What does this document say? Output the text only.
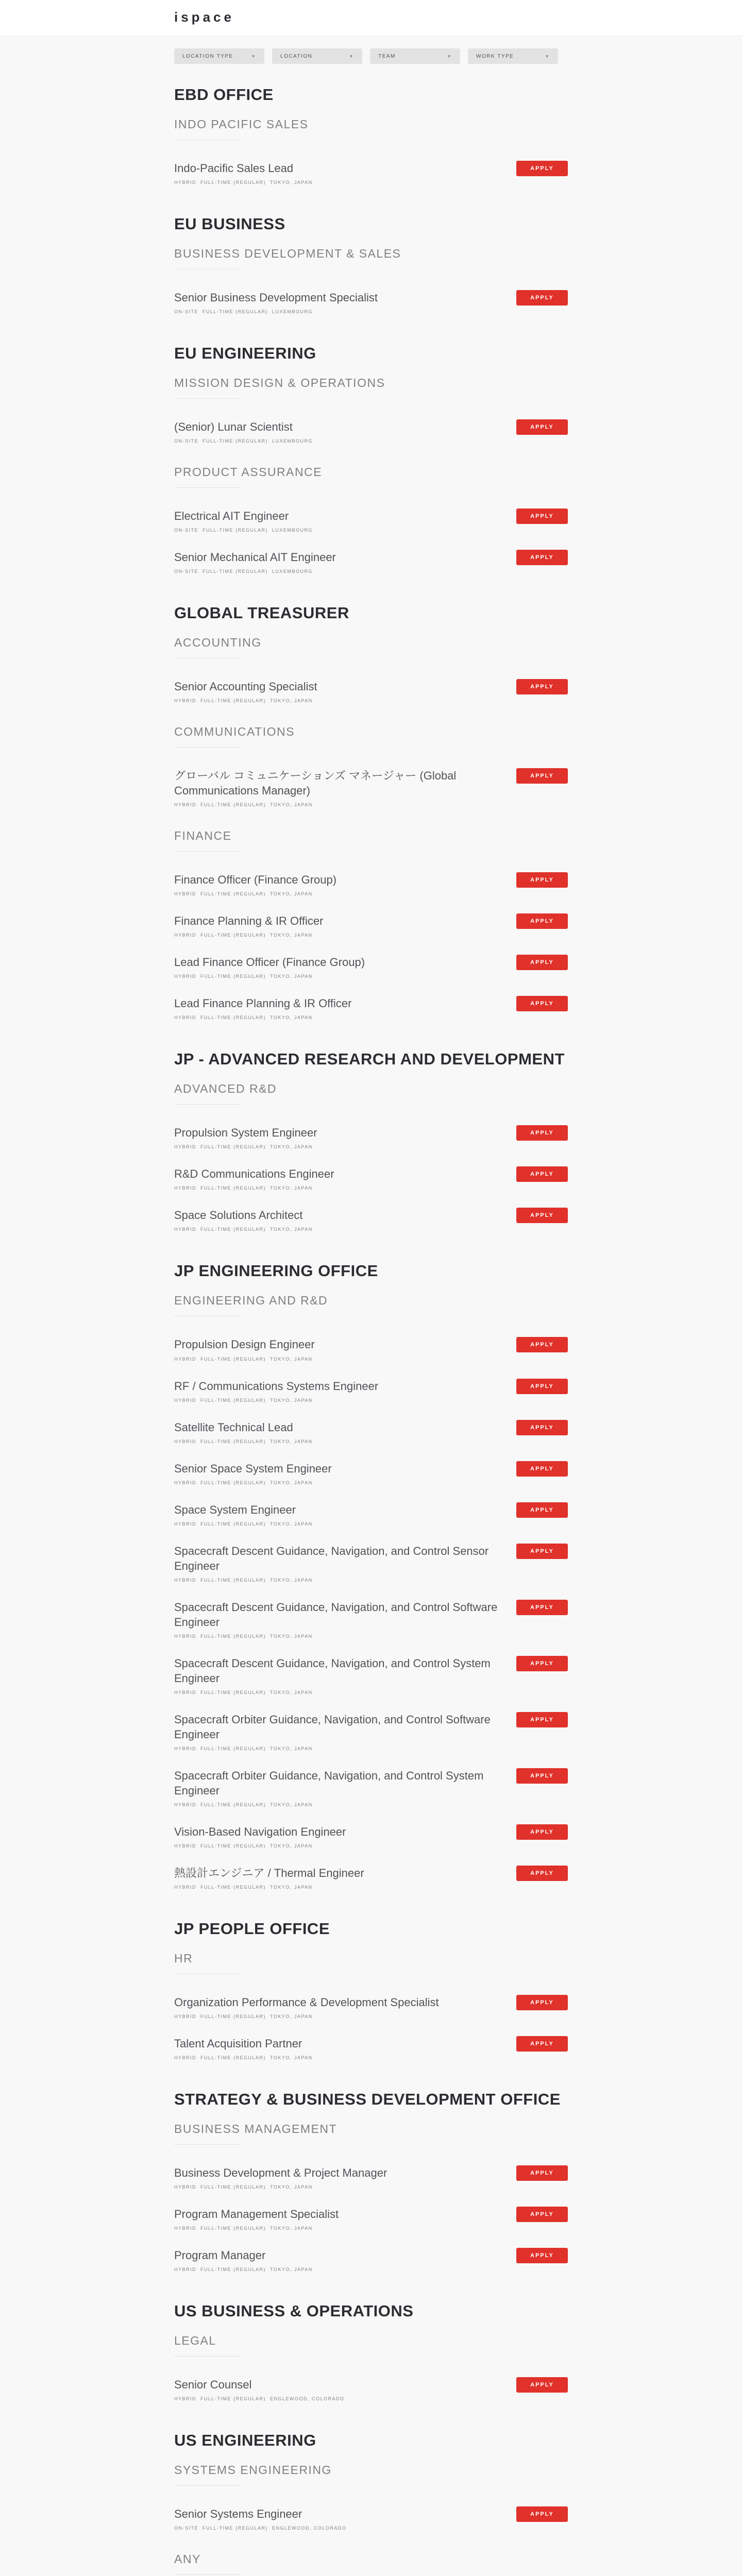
ispace
LOCATION TYPE	▼	LOCATION	▼	TEAM	▼	WORK TYPE	▼
EBD OFFICE
INDO PACIFIC SALES
Indo-Pacific Sales Lead
HYBRID FULL-TIME (REGULAR) TOKYO, JAPAN
APPLY
EU BUSINESS
BUSINESS DEVELOPMENT & SALES
Senior Business Development Specialist
ON-SITE FULL-TIME (REGULAR) LUXEMBOURG
APPLY
EU ENGINEERING
MISSION DESIGN & OPERATIONS
(Senior) Lunar Scientist
ON-SITE FULL-TIME (REGULAR) LUXEMBOURG
APPLY
PRODUCT ASSURANCE
Electrical AIT Engineer
ON-SITE FULL-TIME (REGULAR) LUXEMBOURG
APPLY
Senior Mechanical AIT Engineer
ON-SITE FULL-TIME (REGULAR) LUXEMBOURG
APPLY
GLOBAL TREASURER
ACCOUNTING
Senior Accounting Specialist
HYBRID FULL-TIME (REGULAR) TOKYO, JAPAN
APPLY
COMMUNICATIONS
グローバル コミュニケーションズ マネージャー (Global Communications Manager)
HYBRID FULL-TIME (REGULAR) TOKYO, JAPAN
APPLY
FINANCE
Finance Officer (Finance Group)
HYBRID FULL-TIME (REGULAR) TOKYO, JAPAN
APPLY
Finance Planning & IR Officer
HYBRID FULL-TIME (REGULAR) TOKYO, JAPAN
APPLY
Lead Finance Officer (Finance Group)
HYBRID FULL-TIME (REGULAR) TOKYO, JAPAN
APPLY
Lead Finance Planning & IR Officer
HYBRID FULL-TIME (REGULAR) TOKYO, JAPAN
APPLY
JP - ADVANCED RESEARCH AND DEVELOPMENT
ADVANCED R&D
Propulsion System Engineer
HYBRID FULL-TIME (REGULAR) TOKYO, JAPAN
APPLY
R&D Communications Engineer
HYBRID FULL-TIME (REGULAR) TOKYO, JAPAN
APPLY
Space Solutions Architect
HYBRID FULL-TIME (REGULAR) TOKYO, JAPAN
APPLY
JP ENGINEERING OFFICE
ENGINEERING AND R&D
Propulsion Design Engineer
HYBRID FULL-TIME (REGULAR) TOKYO, JAPAN
APPLY
RF / Communications Systems Engineer
HYBRID FULL-TIME (REGULAR) TOKYO, JAPAN
APPLY
Satellite Technical Lead
HYBRID FULL-TIME (REGULAR) TOKYO, JAPAN
APPLY
Senior Space System Engineer
HYBRID FULL-TIME (REGULAR) TOKYO, JAPAN
APPLY
Space System Engineer
HYBRID FULL-TIME (REGULAR) TOKYO, JAPAN
APPLY
Spacecraft Descent Guidance, Navigation, and Control Sensor Engineer
HYBRID FULL-TIME (REGULAR) TOKYO, JAPAN
APPLY
Spacecraft Descent Guidance, Navigation, and Control Software Engineer
HYBRID FULL-TIME (REGULAR) TOKYO, JAPAN
APPLY
Spacecraft Descent Guidance, Navigation, and Control System Engineer
HYBRID FULL-TIME (REGULAR) TOKYO, JAPAN
APPLY
Spacecraft Orbiter Guidance, Navigation, and Control Software Engineer
HYBRID FULL-TIME (REGULAR) TOKYO, JAPAN
APPLY
Spacecraft Orbiter Guidance, Navigation, and Control System Engineer
HYBRID FULL-TIME (REGULAR) TOKYO, JAPAN
APPLY
Vision-Based Navigation Engineer
HYBRID FULL-TIME (REGULAR) TOKYO, JAPAN
APPLY
熱設計エンジニア / Thermal Engineer
HYBRID FULL-TIME (REGULAR) TOKYO, JAPAN
APPLY
JP PEOPLE OFFICE
HR
Organization Performance & Development Specialist
HYBRID FULL-TIME (REGULAR) TOKYO, JAPAN
APPLY
Talent Acquisition Partner
HYBRID FULL-TIME (REGULAR) TOKYO, JAPAN
APPLY
STRATEGY & BUSINESS DEVELOPMENT OFFICE
BUSINESS MANAGEMENT
Business Development & Project Manager
HYBRID FULL-TIME (REGULAR) TOKYO, JAPAN
APPLY
Program Management Specialist
HYBRID FULL-TIME (REGULAR) TOKYO, JAPAN
APPLY
Program Manager
HYBRID FULL-TIME (REGULAR) TOKYO, JAPAN
APPLY
US BUSINESS & OPERATIONS
LEGAL
Senior Counsel
HYBRID FULL-TIME (REGULAR) ENGLEWOOD, COLORADO
APPLY
US ENGINEERING
SYSTEMS ENGINEERING
Senior Systems Engineer
ON-SITE FULL-TIME (REGULAR) ENGLEWOOD, COLORADO
APPLY
ANY
